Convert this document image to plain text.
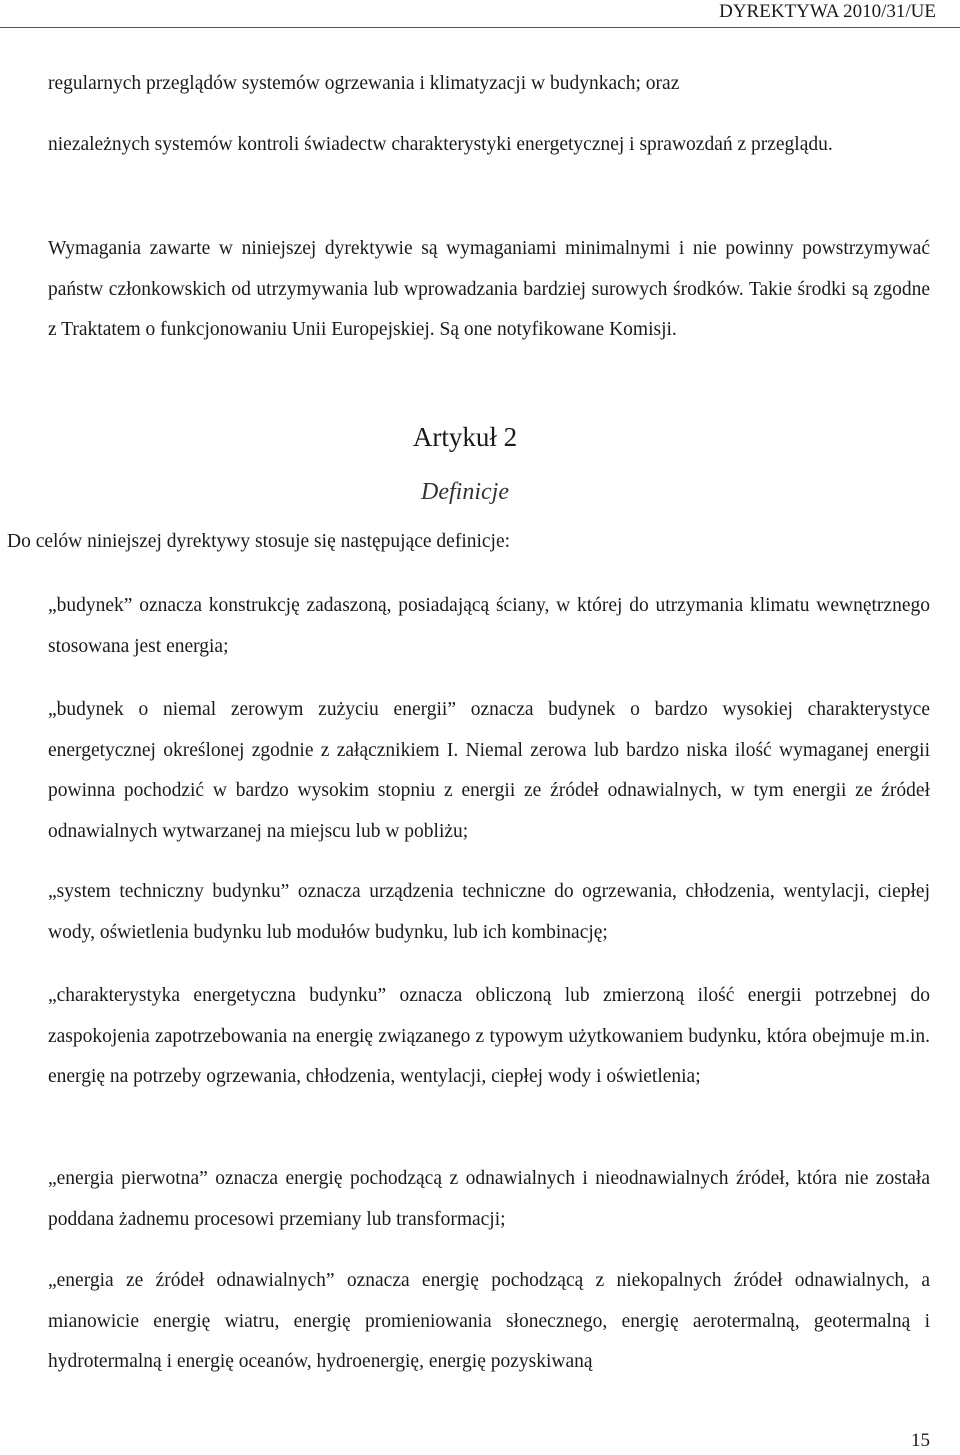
DYREKTYWA 2010/31/UE
regularnych przeglądów systemów ogrzewania i klimatyzacji w budynkach; oraz
niezależnych systemów kontroli świadectw charakterystyki energetycznej i sprawozdań z przeglądu.
Wymagania zawarte w niniejszej dyrektywie są wymaganiami minimalnymi i nie powinny powstrzymywać państw członkowskich od utrzymywania lub wprowadzania bardziej surowych środków. Takie środki są zgodne z Traktatem o funkcjonowaniu Unii Europejskiej. Są one notyfikowane Komisji.
Artykuł 2
Definicje
Do celów niniejszej dyrektywy stosuje się następujące definicje:
„budynek” oznacza konstrukcję zadaszoną, posiadającą ściany, w której do utrzymania klimatu wewnętrznego stosowana jest energia;
„budynek o niemal zerowym zużyciu energii” oznacza budynek o bardzo wysokiej charakterystyce energetycznej określonej zgodnie z załącznikiem I. Niemal zerowa lub bardzo niska ilość wymaganej energii powinna pochodzić w bardzo wysokim stopniu z energii ze źródeł odnawialnych, w tym energii ze źródeł odnawialnych wytwarzanej na miejscu lub w pobliżu;
„system techniczny budynku” oznacza urządzenia techniczne do ogrzewania, chłodzenia, wentylacji, ciepłej wody, oświetlenia budynku lub modułów budynku, lub ich kombinację;
„charakterystyka energetyczna budynku” oznacza obliczoną lub zmierzoną ilość energii potrzebnej do zaspokojenia zapotrzebowania na energię związanego z typowym użytkowaniem budynku, która obejmuje m.in. energię na potrzeby ogrzewania, chłodzenia, wentylacji, ciepłej wody i oświetlenia;
„energia pierwotna” oznacza energię pochodzącą z odnawialnych i nieodnawialnych źródeł, która nie została poddana żadnemu procesowi przemiany lub transformacji;
„energia ze źródeł odnawialnych” oznacza energię pochodzącą z niekopalnych źródeł odnawialnych, a mianowicie energię wiatru, energię promieniowania słonecznego, energię aerotermalną, geotermalną i hydrotermalną i energię oceanów, hydroenergię, energię pozyskiwaną
15
